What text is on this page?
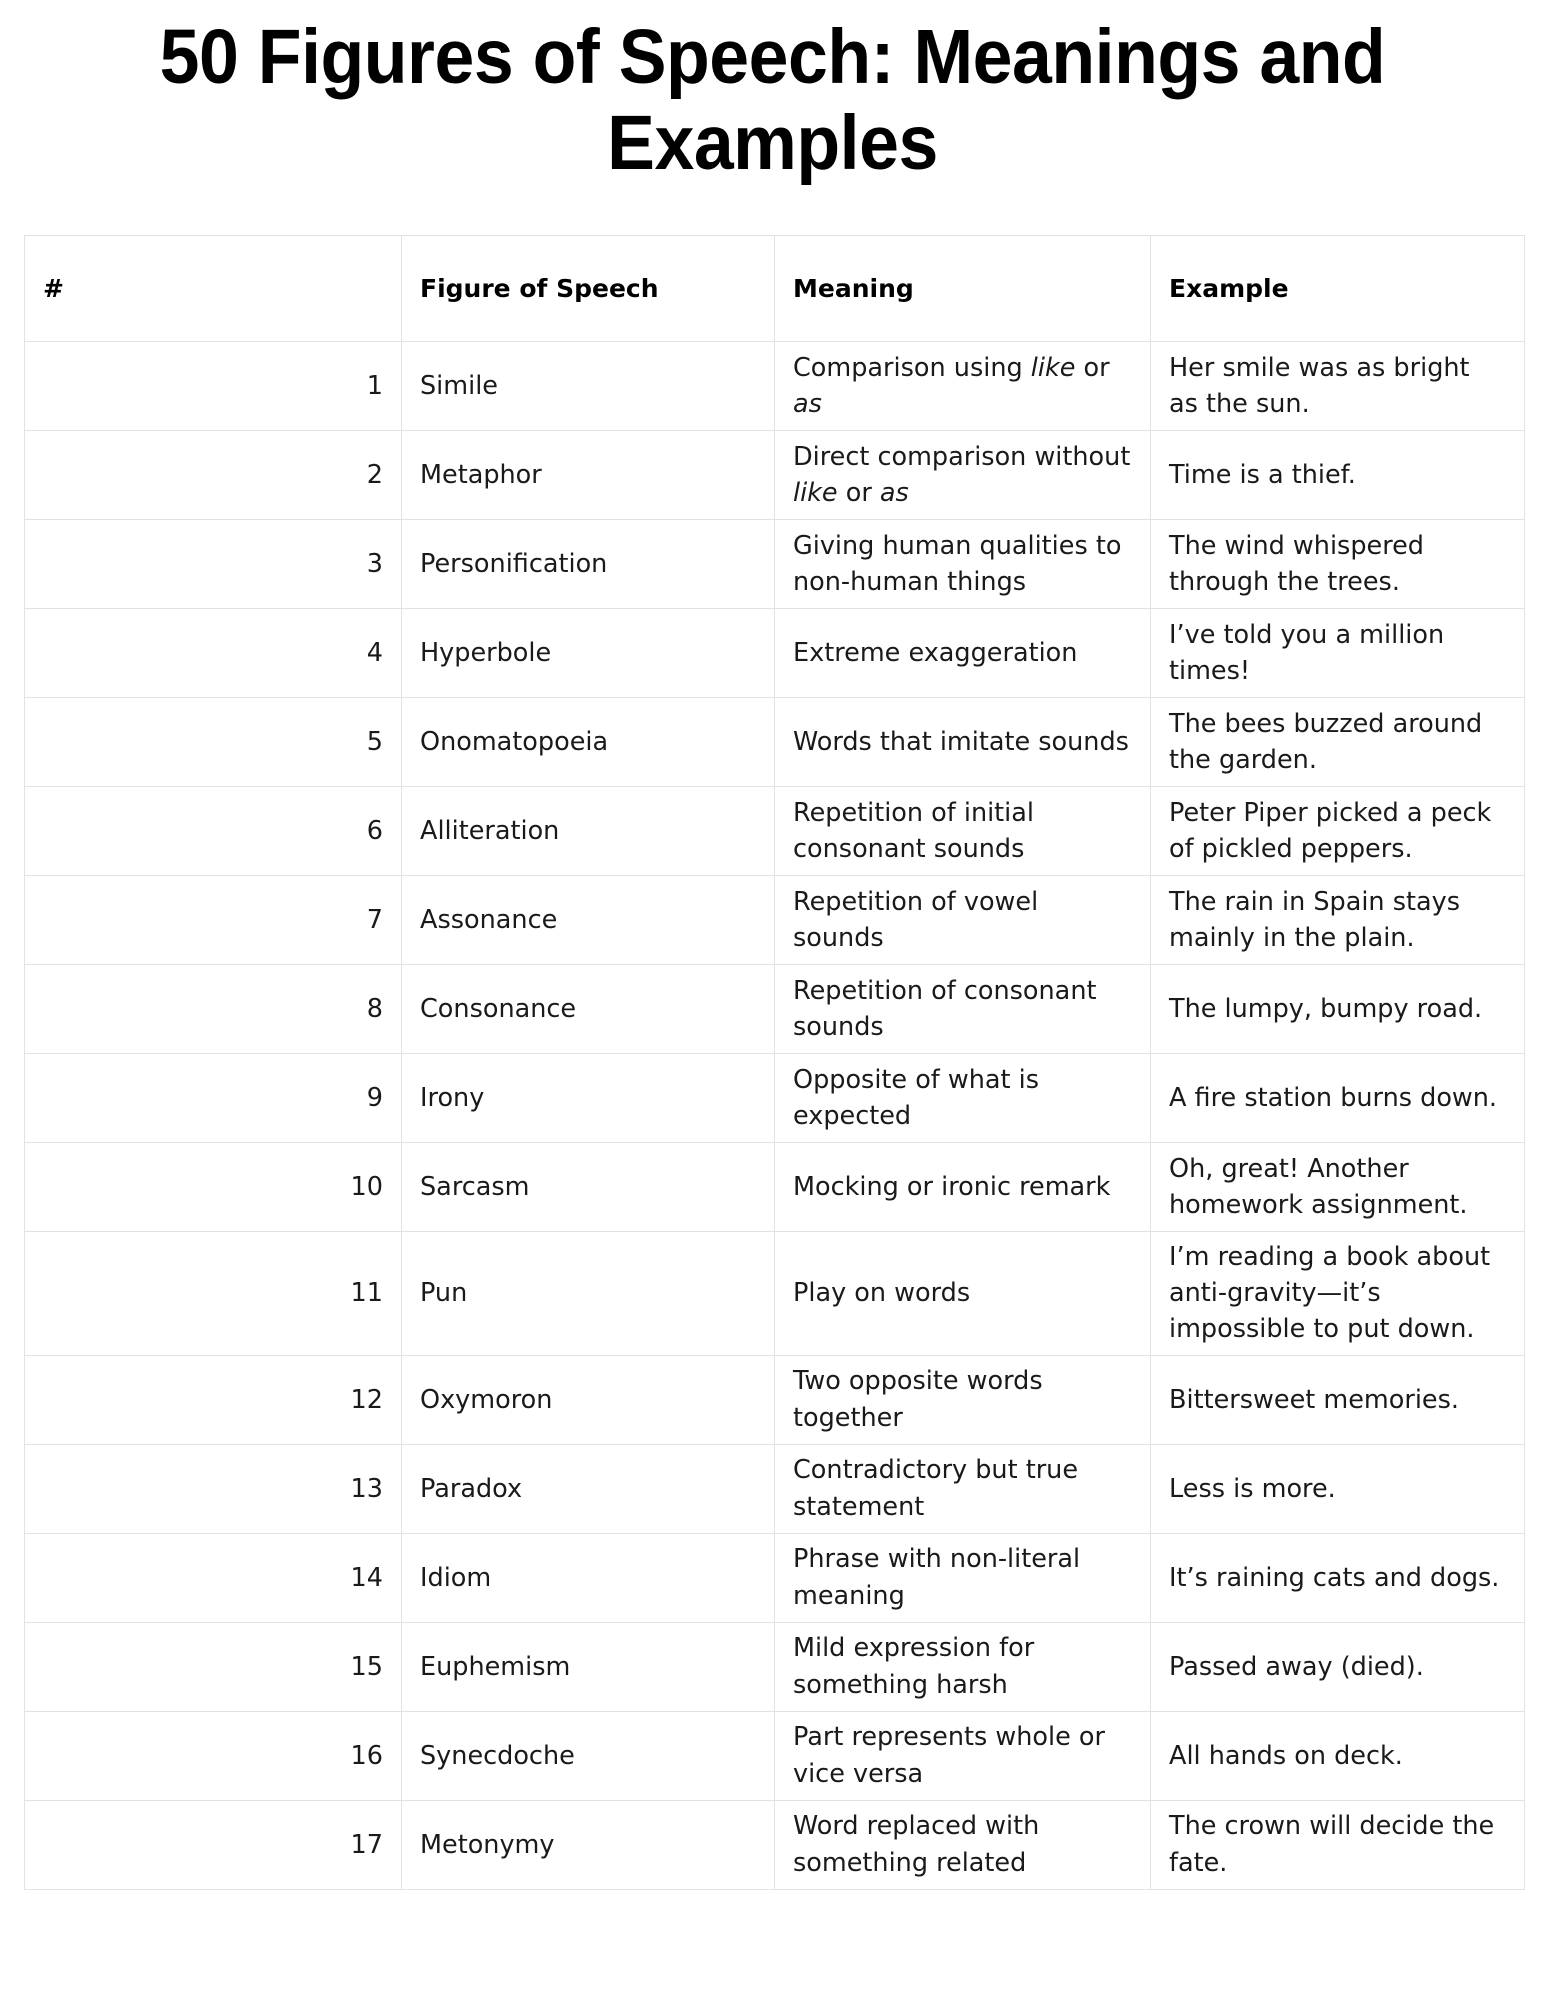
50 Figures of Speech: Meanings and Examples
#	Figure of Speech	Meaning	Example
1	Simile	Comparison using like or as	Her smile was as bright as the sun.
2	Metaphor	Direct comparison without like or as	Time is a thief.
3	Personification	Giving human qualities to non-human things	The wind whispered through the trees.
4	Hyperbole	Extreme exaggeration	I’ve told you a million times!
5	Onomatopoeia	Words that imitate sounds	The bees buzzed around the garden.
6	Alliteration	Repetition of initial consonant sounds	Peter Piper picked a peck of pickled peppers.
7	Assonance	Repetition of vowel sounds	The rain in Spain stays mainly in the plain.
8	Consonance	Repetition of consonant sounds	The lumpy, bumpy road.
9	Irony	Opposite of what is expected	A fire station burns down.
10	Sarcasm	Mocking or ironic remark	Oh, great! Another homework assignment.
11	Pun	Play on words	I’m reading a book about anti-gravity—it’s impossible to put down.
12	Oxymoron	Two opposite words together	Bittersweet memories.
13	Paradox	Contradictory but true statement	Less is more.
14	Idiom	Phrase with non-literal meaning	It’s raining cats and dogs.
15	Euphemism	Mild expression for something harsh	Passed away (died).
16	Synecdoche	Part represents whole or vice versa	All hands on deck.
17	Metonymy	Word replaced with something related	The crown will decide the fate.
